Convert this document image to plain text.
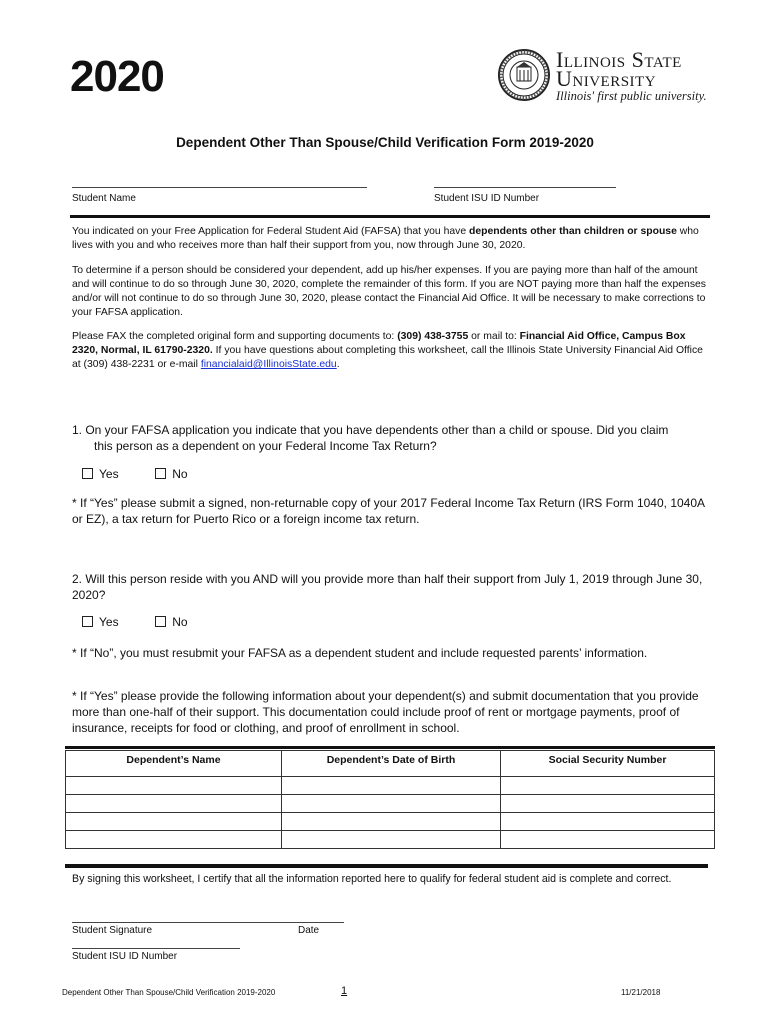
2020	Illinois State
University
Illinois' first public university.
Dependent Other Than Spouse/Child Verification Form 2019-2020
Student Name	Student ISU ID Number
You indicated on your Free Application for Federal Student Aid (FAFSA) that you have dependents other than children or spouse who lives with you and who receives more than half their support from you, now through June 30, 2020.
To determine if a person should be considered your dependent, add up his/her expenses. If you are paying more than half of the amount and will continue to do so through June 30, 2020, complete the remainder of this form. If you are NOT paying more than half the expenses and/or will not continue to do so through June 30, 2020, please contact the Financial Aid Office. It will be necessary to make corrections to your FAFSA application.
Please FAX the completed original form and supporting documents to: (309) 438-3755 or mail to: Financial Aid Office, Campus Box 2320, Normal, IL 61790-2320. If you have questions about completing this worksheet, call the Illinois State University Financial Aid Office at (309) 438-2231 or e-mail financialaid@IllinoisState.edu.
1. On your FAFSA application you indicate that you have dependents other than a child or spouse. Did you claim
this person as a dependent on your Federal Income Tax Return?
Yes	No
* If “Yes” please submit a signed, non-returnable copy of your 2017 Federal Income Tax Return (IRS Form 1040, 1040A or EZ), a tax return for Puerto Rico or a foreign income tax return.
2. Will this person reside with you AND will you provide more than half their support from July 1, 2019 through June 30, 2020?
Yes	No
* If “No”, you must resubmit your FAFSA as a dependent student and include requested parents’ information.
* If “Yes” please provide the following information about your dependent(s) and submit documentation that you provide more than one-half of their support. This documentation could include proof of rent or mortgage payments, proof of insurance, receipts for food or clothing, and proof of enrollment in school.
Dependent’s Name	Dependent’s Date of Birth	Social Security Number

By signing this worksheet, I certify that all the information reported here to qualify for federal student aid is complete and correct.
Student Signature	Date
Student ISU ID Number
Dependent Other Than Spouse/Child Verification 2019-2020	1	11/21/2018
